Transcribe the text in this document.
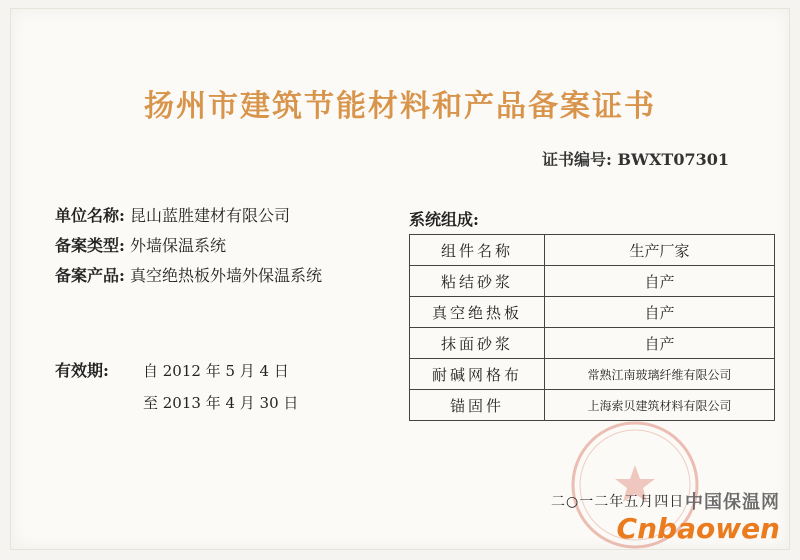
扬州市建筑节能材料和产品备案证书
证书编号: BWXT07301
单位名称: 昆山蓝胜建材有限公司
备案类型: 外墙保温系统
备案产品: 真空绝热板外墙外保温系统
有效期: 自 2012 年 5 月 4 日
至 2013 年 4 月 30 日
系统组成:
组件名称	生产厂家
粘结砂浆	自产
真空绝热板	自产
抹面砂浆	自产
耐碱网格布	常熟江南玻璃纤维有限公司
锚固件	上海索贝建筑材料有限公司
二○一二年五月四日 中国保温网
Cnbaowen
